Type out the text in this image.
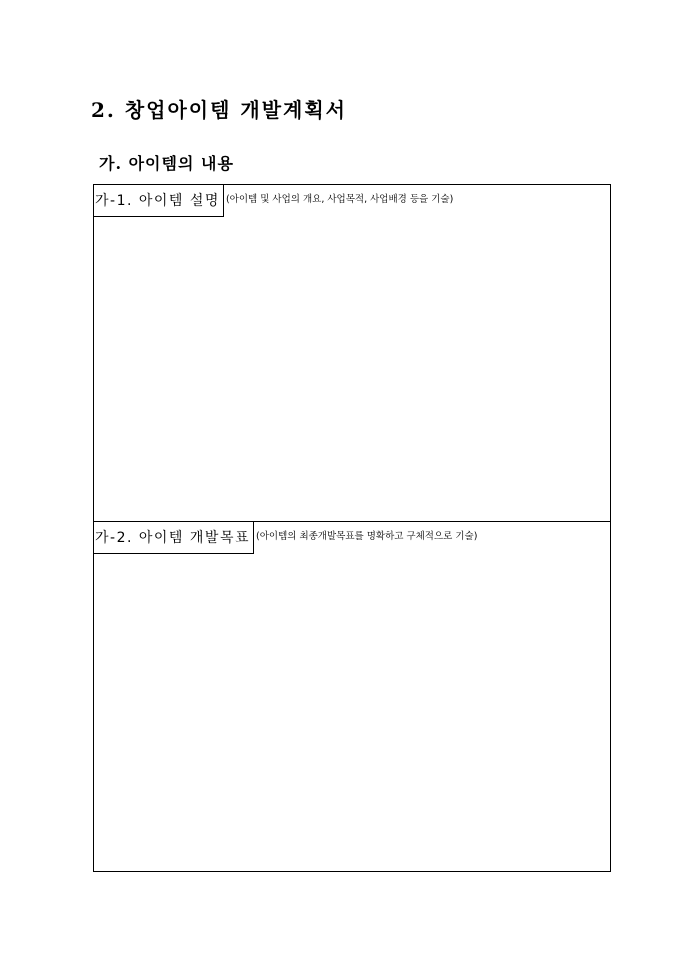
2. 창업아이템 개발계획서
가. 아이템의 내용
가-1. 아이템 설명 (아이템 및 사업의 개요, 사업목적, 사업배경 등을 기술)
가-2. 아이템 개발목표 (아이템의 최종개발목표를 명확하고 구체적으로 기술)
